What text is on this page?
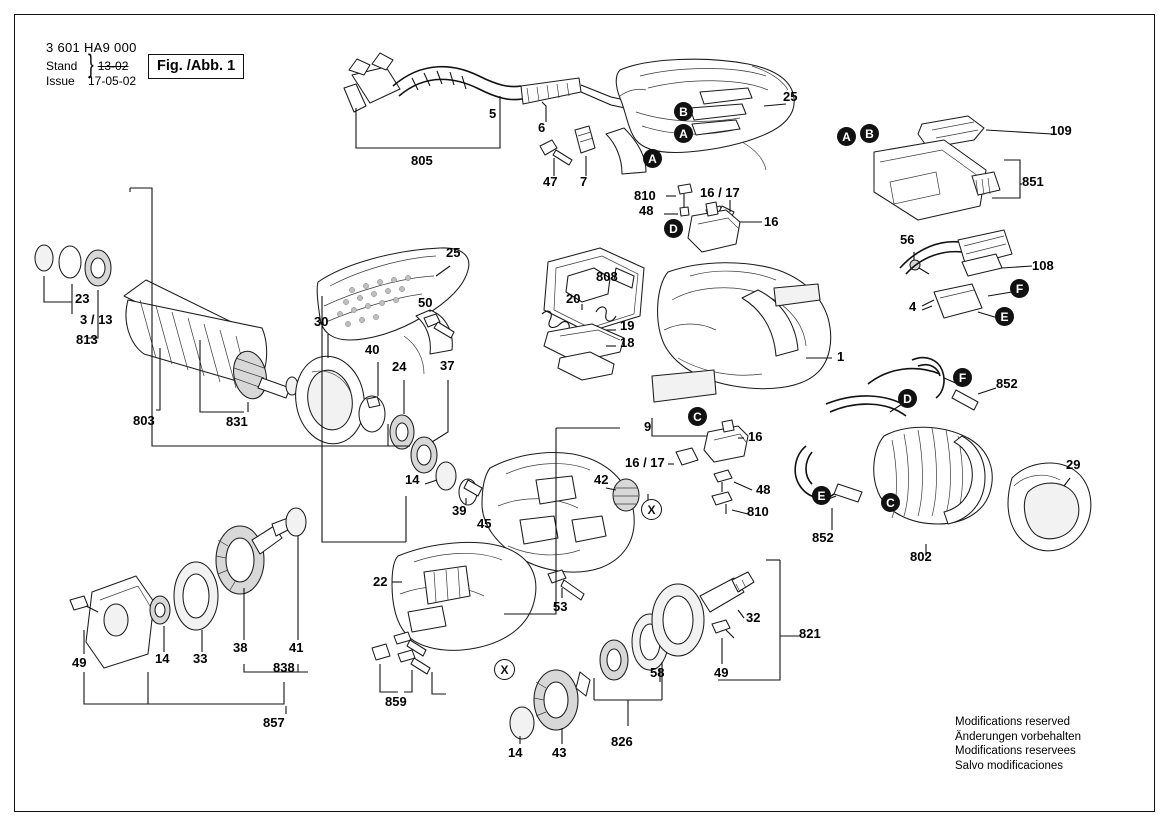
3 601 HA9 000
Stand } 13-02
Issue	17-05-02
Fig. /Abb. 1
Modifications reserved
Änderungen vorbehalten
Modifications reservees
Salvo modificaciones
5
6
25
109
851
805
47 7
810	16 / 17
48
16
56
108
4
23
3 / 13
813
25
808
20
19
18
1
50
30
40
24	37
803	831
14
39
45
9
16
16 / 17
48
810
852
852
802
29
42
22
53
32
821
38	41
838
49	14 33
857
859
58	49
826
14 43
A
B
A
A	B
D
F
E
F
D
C
E	C
X
X
